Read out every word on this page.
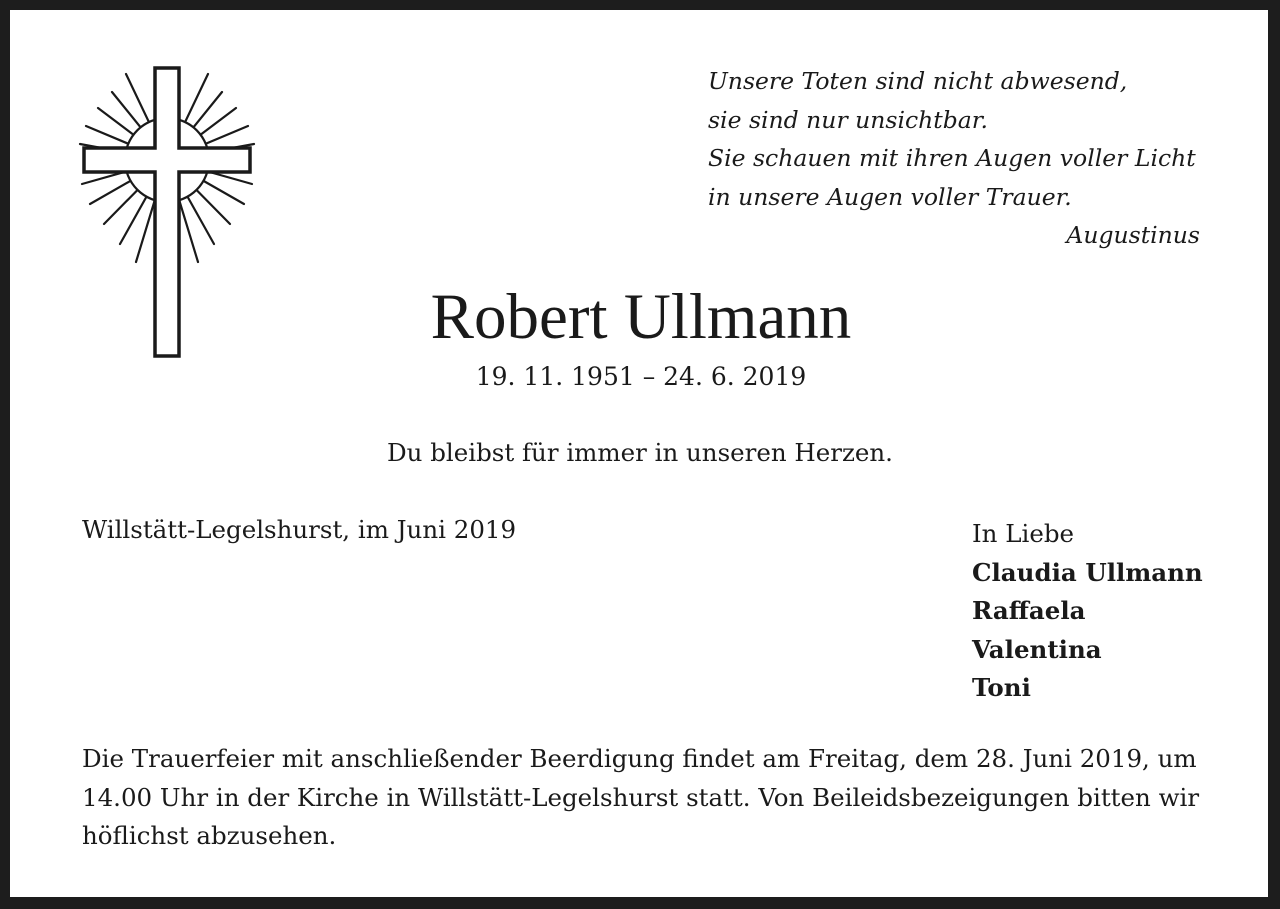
Unsere Toten sind nicht abwesend,
sie sind nur unsichtbar.
Sie schauen mit ihren Augen voller Licht
in unsere Augen voller Trauer.
Augustinus
Robert Ullmann
19. 11. 1951 – 24. 6. 2019
Du bleibst für immer in unseren Herzen.
Willstätt-Legelshurst, im Juni 2019	In Liebe
Claudia Ullmann
Raffaela
Valentina
Toni
Die Trauerfeier mit anschließender Beerdigung findet am Freitag, dem 28. Juni 2019, um
14.00 Uhr in der Kirche in Willstätt-Legelshurst statt. Von Beileidsbezeigungen bitten wir
höflichst abzusehen.
